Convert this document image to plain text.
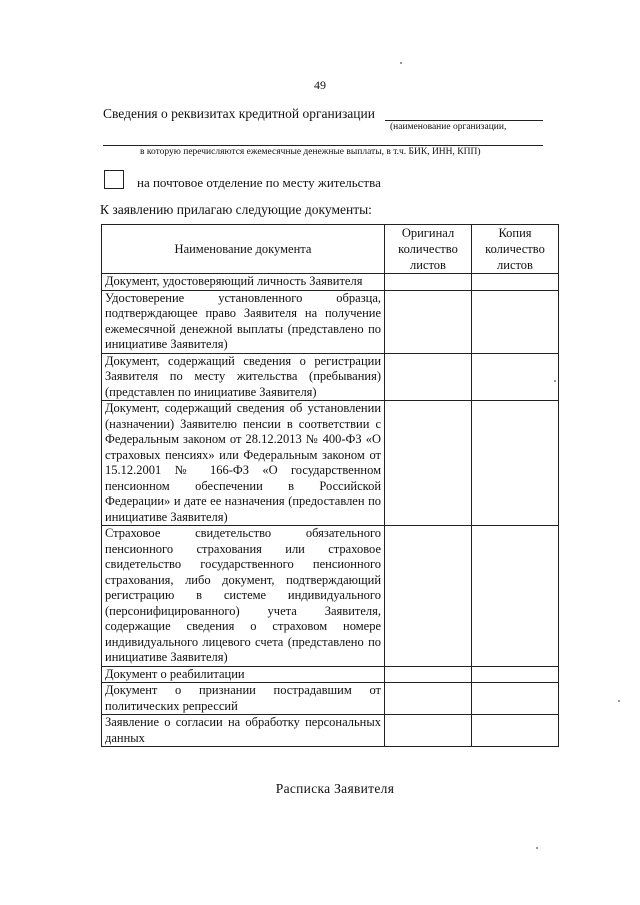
49
Сведения о реквизитах кредитной организации
(наименование организации,
в которую перечисляются ежемесячные денежные выплаты, в т.ч. БИК, ИНН, КПП)
на почтовое отделение по месту жительства
К заявлению прилагаю следующие документы:
Наименование документа	Оригинал количество листов	Копия количество листов
Документ, удостоверяющий личность Заявителя		
Удостоверение установленного образца, подтверждающее право Заявителя на получение ежемесячной денежной выплаты (представлено по инициативе Заявителя)		
Документ, содержащий сведения о регистрации Заявителя по месту жительства (пребывания) (представлен по инициативе Заявителя)		
Документ, содержащий сведения об установлении (назначении) Заявителю пенсии в соответствии с Федеральным законом от 28.12.2013 № 400-ФЗ «О страховых пенсиях» или Федеральным законом от 15.12.2001 № 166-ФЗ «О государственном пенсионном обеспечении в Российской Федерации» и дате ее назначения (предоставлен по инициативе Заявителя)		
Страховое свидетельство обязательного пенсионного страхования или страховое свидетельство государственного пенсионного страхования, либо документ, подтверждающий регистрацию в системе индивидуального (персонифицированного) учета Заявителя, содержащие сведения о страховом номере индивидуального лицевого счета (представлено по инициативе Заявителя)		
Документ о реабилитации		
Документ о признании пострадавшим от политических репрессий		
Заявление о согласии на обработку персональных данных		
Расписка Заявителя
